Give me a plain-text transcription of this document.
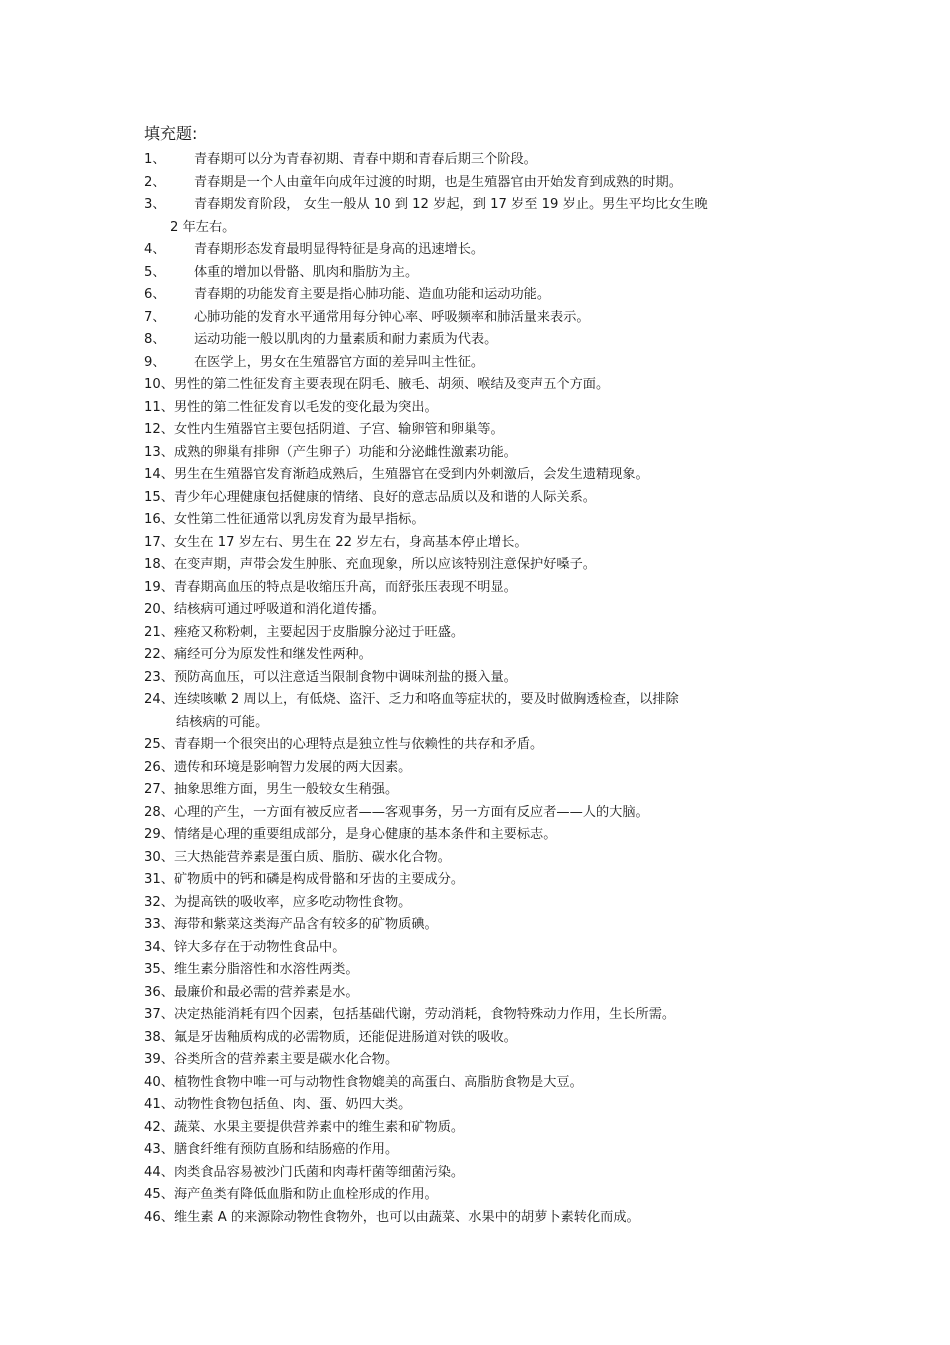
填充题:
1、 青春期可以分为青春初期、青春中期和青春后期三个阶段。
2、 青春期是一个人由童年向成年过渡的时期，也是生殖器官由开始发育到成熟的时期。
3、 青春期发育阶段， 女生一般从 10 到 12 岁起，到 17 岁至 19 岁止。男生平均比女生晚
2 年左右。
4、 青春期形态发育最明显得特征是身高的迅速增长。
5、 体重的增加以骨骼、肌肉和脂肪为主。
6、 青春期的功能发育主要是指心肺功能、造血功能和运动功能。
7、 心肺功能的发育水平通常用每分钟心率、呼吸频率和肺活量来表示。
8、 运动功能一般以肌肉的力量素质和耐力素质为代表。
9、 在医学上，男女在生殖器官方面的差异叫主性征。
10、男性的第二性征发育主要表现在阴毛、腋毛、胡须、喉结及变声五个方面。
11、男性的第二性征发育以毛发的变化最为突出。
12、女性内生殖器官主要包括阴道、子宫、输卵管和卵巢等。
13、成熟的卵巢有排卵（产生卵子）功能和分泌雌性激素功能。
14、男生在生殖器官发育渐趋成熟后，生殖器官在受到内外刺激后，会发生遗精现象。
15、青少年心理健康包括健康的情绪、良好的意志品质以及和谐的人际关系。
16、女性第二性征通常以乳房发育为最早指标。
17、女生在 17 岁左右、男生在 22 岁左右，身高基本停止增长。
18、在变声期，声带会发生肿胀、充血现象，所以应该特别注意保护好嗓子。
19、青春期高血压的特点是收缩压升高，而舒张压表现不明显。
20、结核病可通过呼吸道和消化道传播。
21、痤疮又称粉刺，主要起因于皮脂腺分泌过于旺盛。
22、痛经可分为原发性和继发性两种。
23、预防高血压，可以注意适当限制食物中调味剂盐的摄入量。
24、连续咳嗽 2 周以上，有低烧、盗汗、乏力和咯血等症状的，要及时做胸透检查，以排除
结核病的可能。
25、青春期一个很突出的心理特点是独立性与依赖性的共存和矛盾。
26、遗传和环境是影响智力发展的两大因素。
27、抽象思维方面，男生一般较女生稍强。
28、心理的产生，一方面有被反应者——客观事务，另一方面有反应者——人的大脑。
29、情绪是心理的重要组成部分，是身心健康的基本条件和主要标志。
30、三大热能营养素是蛋白质、脂肪、碳水化合物。
31、矿物质中的钙和磷是构成骨骼和牙齿的主要成分。
32、为提高铁的吸收率，应多吃动物性食物。
33、海带和紫菜这类海产品含有较多的矿物质碘。
34、锌大多存在于动物性食品中。
35、维生素分脂溶性和水溶性两类。
36、最廉价和最必需的营养素是水。
37、决定热能消耗有四个因素，包括基础代谢，劳动消耗，食物特殊动力作用，生长所需。
38、氟是牙齿釉质构成的必需物质，还能促进肠道对铁的吸收。
39、谷类所含的营养素主要是碳水化合物。
40、植物性食物中唯一可与动物性食物媲美的高蛋白、高脂肪食物是大豆。
41、动物性食物包括鱼、肉、蛋、奶四大类。
42、蔬菜、水果主要提供营养素中的维生素和矿物质。
43、膳食纤维有预防直肠和结肠癌的作用。
44、肉类食品容易被沙门氏菌和肉毒杆菌等细菌污染。
45、海产鱼类有降低血脂和防止血栓形成的作用。
46、维生素 A 的来源除动物性食物外，也可以由蔬菜、水果中的胡萝卜素转化而成。
